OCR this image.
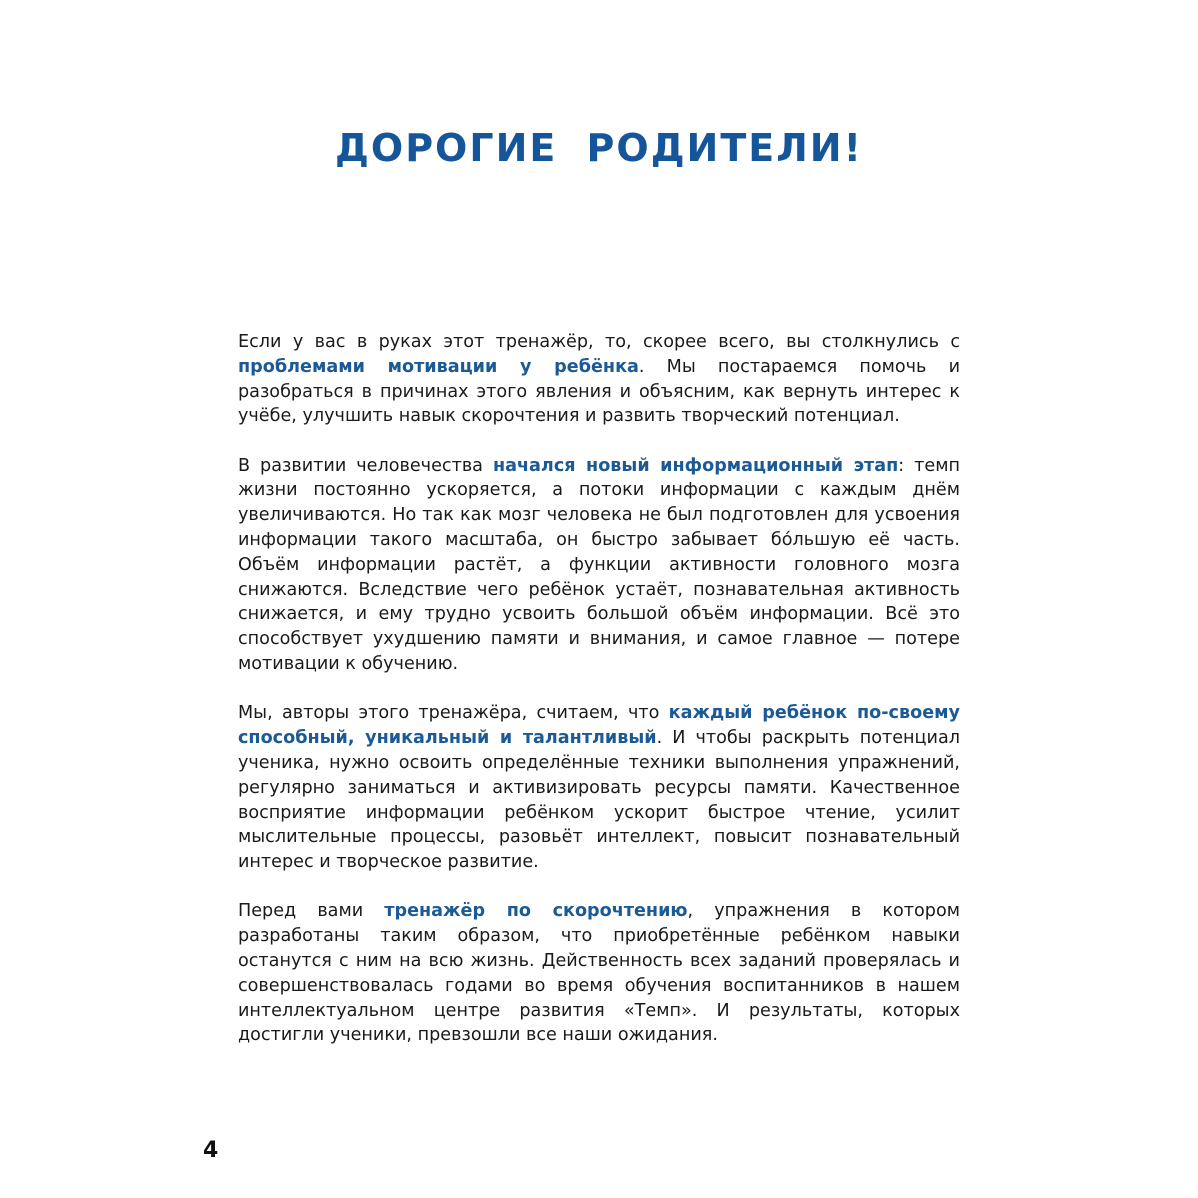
ДОРОГИЕ РОДИТЕЛИ!

Если у вас в руках этот тренажёр, то, скорее всего, вы столкнулись с проблемами мотивации у ребёнка. Мы постараемся помочь и разобраться в причинах этого явления и объясним, как вернуть интерес к учёбе, улучшить навык скорочтения и развить творческий потенциал.

В развитии человечества начался новый информационный этап: темп жизни постоянно ускоряется, а потоки информации с каждым днём увеличиваются. Но так как мозг человека не был подготовлен для усвоения информации такого масштаба, он быстро забывает бóльшую её часть. Объём информации растёт, а функции активности головного мозга снижаются. Вследствие чего ребёнок устаёт, познавательная активность снижается, и ему трудно усвоить большой объём информации. Всё это способствует ухудшению памяти и внимания, и самое главное — потере мотивации к обучению.

Мы, авторы этого тренажёра, считаем, что каждый ребёнок по-своему способный, уникальный и талантливый. И чтобы раскрыть потенциал ученика, нужно освоить определённые техники выполнения упражнений, регулярно заниматься и активизировать ресурсы памяти. Качественное восприятие информации ребёнком ускорит быстрое чтение, усилит мыслительные процессы, разовьёт интеллект, повысит познавательный интерес и творческое развитие.

Перед вами тренажёр по скорочтению, упражнения в котором разработаны таким образом, что приобретённые ребёнком навыки останутся с ним на всю жизнь. Действенность всех заданий проверялась и совершенствовалась годами во время обучения воспитанников в нашем интеллектуальном центре развития «Темп». И результаты, которых достигли ученики, превзошли все наши ожидания.

4
